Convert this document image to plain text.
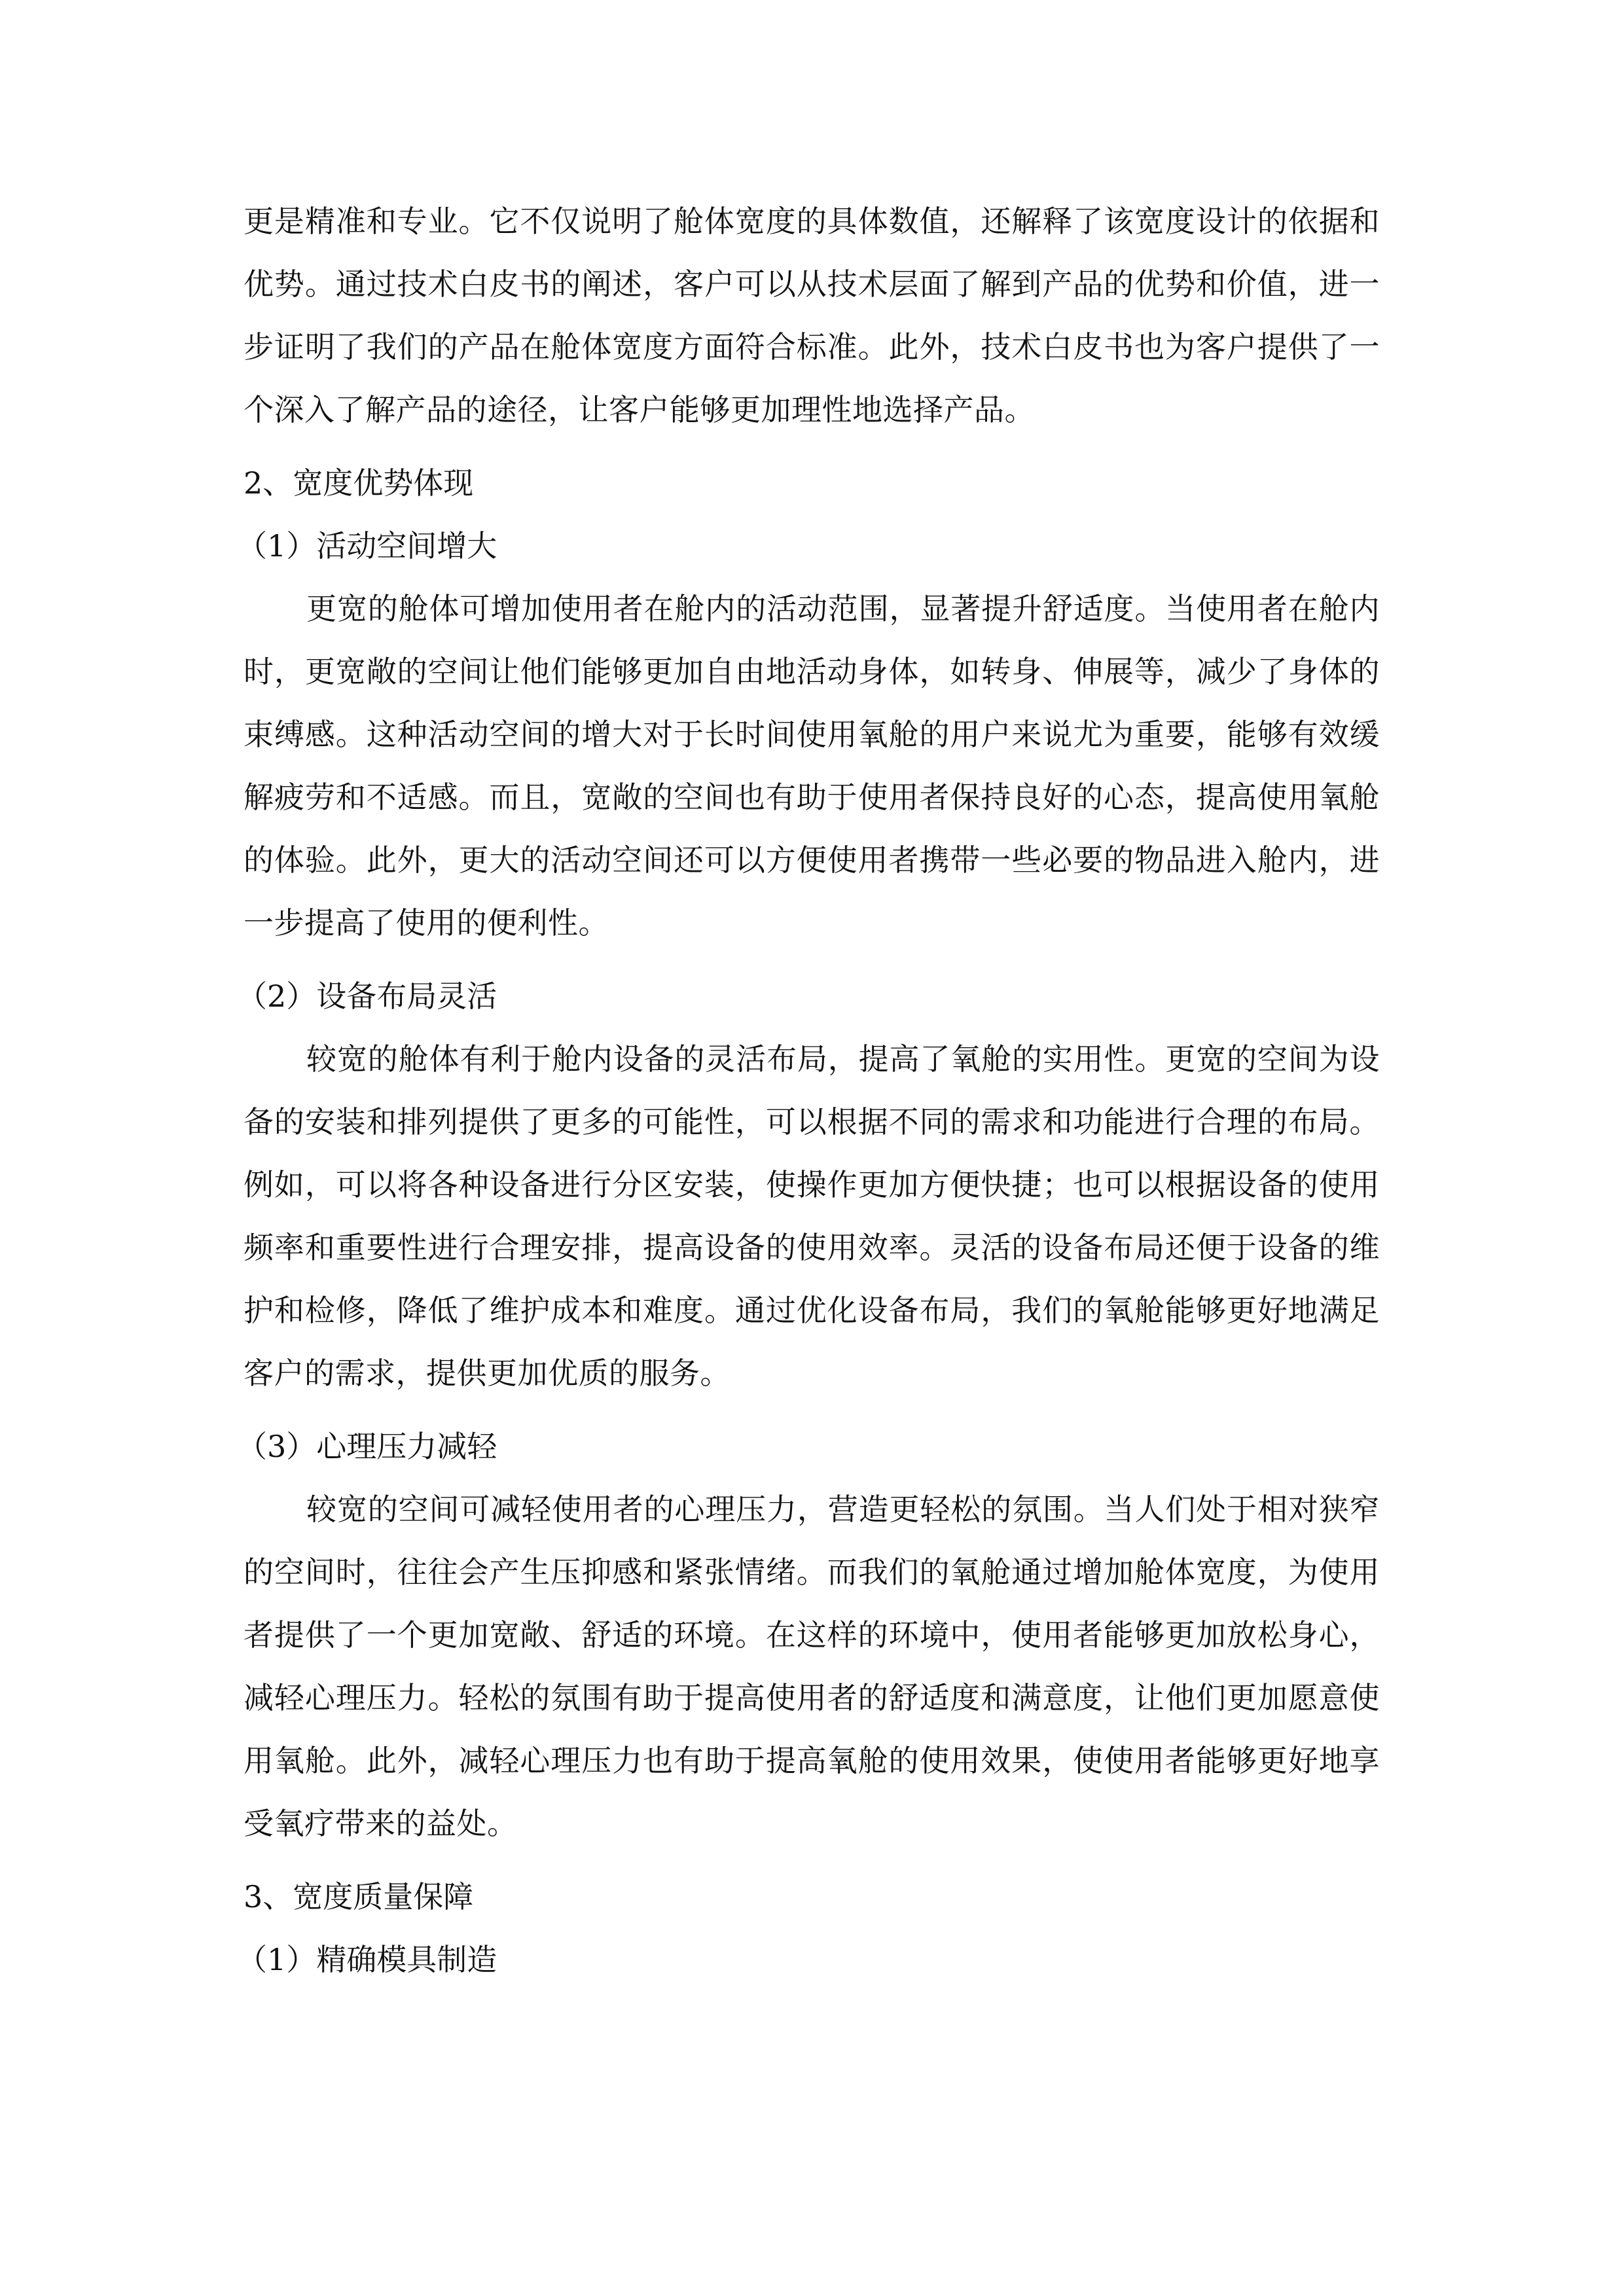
更是精准和专业。它不仅说明了舱体宽度的具体数值，还解释了该宽度设计的依据和优势。通过技术白皮书的阐述，客户可以从技术层面了解到产品的优势和价值，进一步证明了我们的产品在舱体宽度方面符合标准。此外，技术白皮书也为客户提供了一个深入了解产品的途径，让客户能够更加理性地选择产品。

2、宽度优势体现

（1）活动空间增大

更宽的舱体可增加使用者在舱内的活动范围，显著提升舒适度。当使用者在舱内时，更宽敞的空间让他们能够更加自由地活动身体，如转身、伸展等，减少了身体的束缚感。这种活动空间的增大对于长时间使用氧舱的用户来说尤为重要，能够有效缓解疲劳和不适感。而且，宽敞的空间也有助于使用者保持良好的心态，提高使用氧舱的体验。此外，更大的活动空间还可以方便使用者携带一些必要的物品进入舱内，进一步提高了使用的便利性。

（2）设备布局灵活

较宽的舱体有利于舱内设备的灵活布局，提高了氧舱的实用性。更宽的空间为设备的安装和排列提供了更多的可能性，可以根据不同的需求和功能进行合理的布局。例如，可以将各种设备进行分区安装，使操作更加方便快捷；也可以根据设备的使用频率和重要性进行合理安排，提高设备的使用效率。灵活的设备布局还便于设备的维护和检修，降低了维护成本和难度。通过优化设备布局，我们的氧舱能够更好地满足客户的需求，提供更加优质的服务。

（3）心理压力减轻

较宽的空间可减轻使用者的心理压力，营造更轻松的氛围。当人们处于相对狭窄的空间时，往往会产生压抑感和紧张情绪。而我们的氧舱通过增加舱体宽度，为使用者提供了一个更加宽敞、舒适的环境。在这样的环境中，使用者能够更加放松身心，减轻心理压力。轻松的氛围有助于提高使用者的舒适度和满意度，让他们更加愿意使用氧舱。此外，减轻心理压力也有助于提高氧舱的使用效果，使使用者能够更好地享受氧疗带来的益处。

3、宽度质量保障

（1）精确模具制造
